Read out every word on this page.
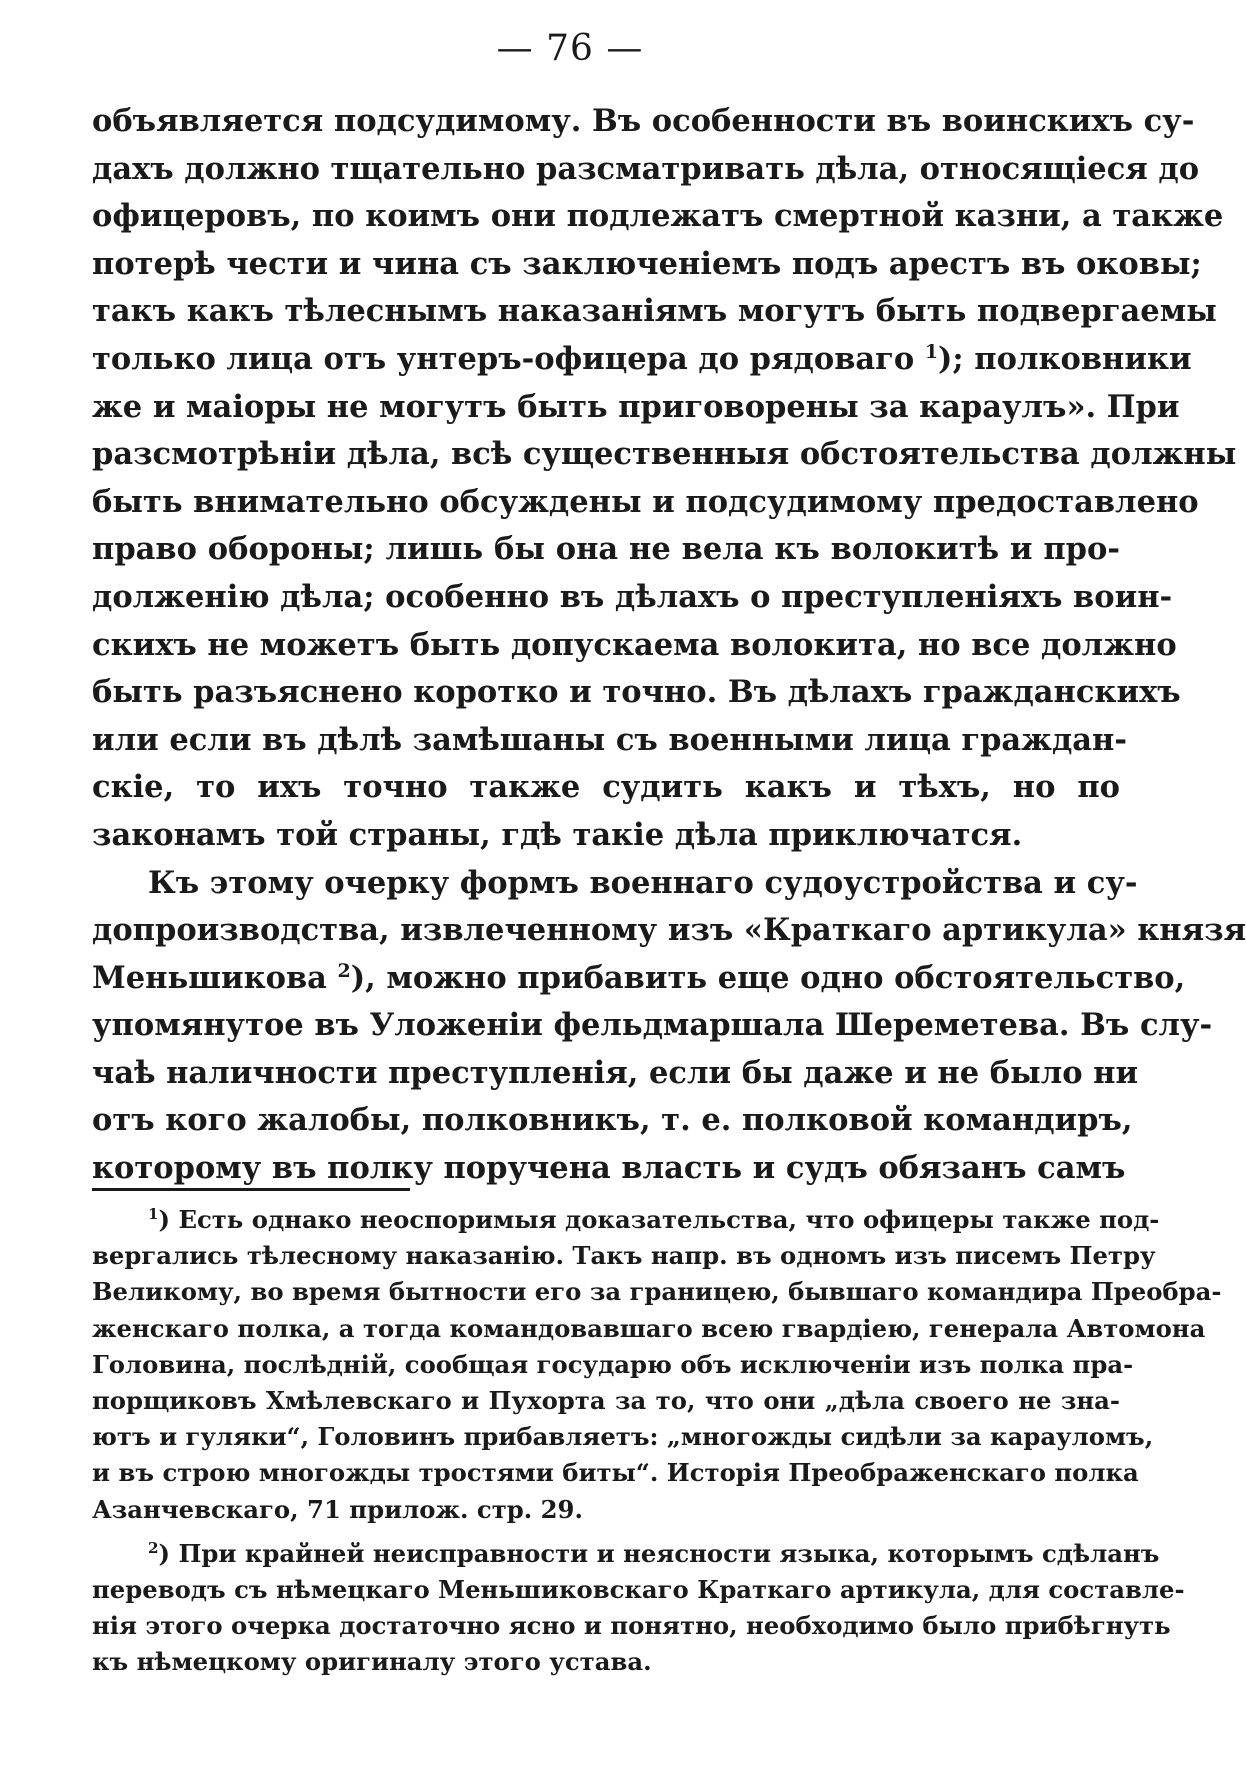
— 76 —
объявляется подсудимому. Въ особенности въ воинскихъ су-
дахъ должно тщательно разсматривать дѣла, относящіеся до
офицеровъ, по коимъ они подлежатъ смертной казни, а также
потерѣ чести и чина съ заключеніемъ подъ арестъ въ оковы;
такъ какъ тѣлеснымъ наказаніямъ могутъ быть подвергаемы
только лица отъ унтеръ-офицера до рядоваго $^1$); полковники
же и маіоры не могутъ быть приговорены за караулъ». При
разсмотрѣніи дѣла, всѣ существенныя обстоятельства должны
быть внимательно обсуждены и подсудимому предоставлено
право обороны; лишь бы она не вела къ волокитѣ и про-
долженію дѣла; особенно въ дѣлахъ о преступленіяхъ воин-
скихъ не можетъ быть допускаема волокита, но все должно
быть разъяснено коротко и точно. Въ дѣлахъ гражданскихъ
или если въ дѣлѣ замѣшаны съ военными лица граждан-
скіе, то ихъ точно также судить какъ и тѣхъ, но по
законамъ той страны, гдѣ такіе дѣла приключатся.
Къ этому очерку формъ военнаго судоустройства и су-
допроизводства, извлеченному изъ «Краткаго артикула» князя
Меньшикова $^2$), можно прибавить еще одно обстоятельство,
упомянутое въ Уложеніи фельдмаршала Шереметева. Въ слу-
чаѣ наличности преступленія, если бы даже и не было ни
отъ кого жалобы, полковникъ, т. е. полковой командиръ,
которому въ полку поручена власть и судъ обязанъ самъ
$^1$) Есть однако неоспоримыя доказательства, что офицеры также под-
вергались тѣлесному наказанію. Такъ напр. въ одномъ изъ писемъ Петру
Великому, во время бытности его за границею, бывшаго командира Преобра-
женскаго полка, а тогда командовавшаго всею гвардіею, генерала Автомона
Головина, послѣдній, сообщая государю объ исключеніи изъ полка пра-
порщиковъ Хмѣлевскаго и Пухорта за то, что они „дѣла своего не зна-
ютъ и гуляки“, Головинъ прибавляетъ: „многожды сидѣли за карауломъ,
и въ строю многожды тростями биты“. Исторія Преображенскаго полка
Азанчевскаго, 71 прилож. стр. 29.
$^2$) При крайней неисправности и неясности языка, которымъ сдѣланъ
переводъ съ нѣмецкаго Меньшиковскаго Краткаго артикула, для составле-
нія этого очерка достаточно ясно и понятно, необходимо было прибѣгнуть
къ нѣмецкому оригиналу этого устава.
